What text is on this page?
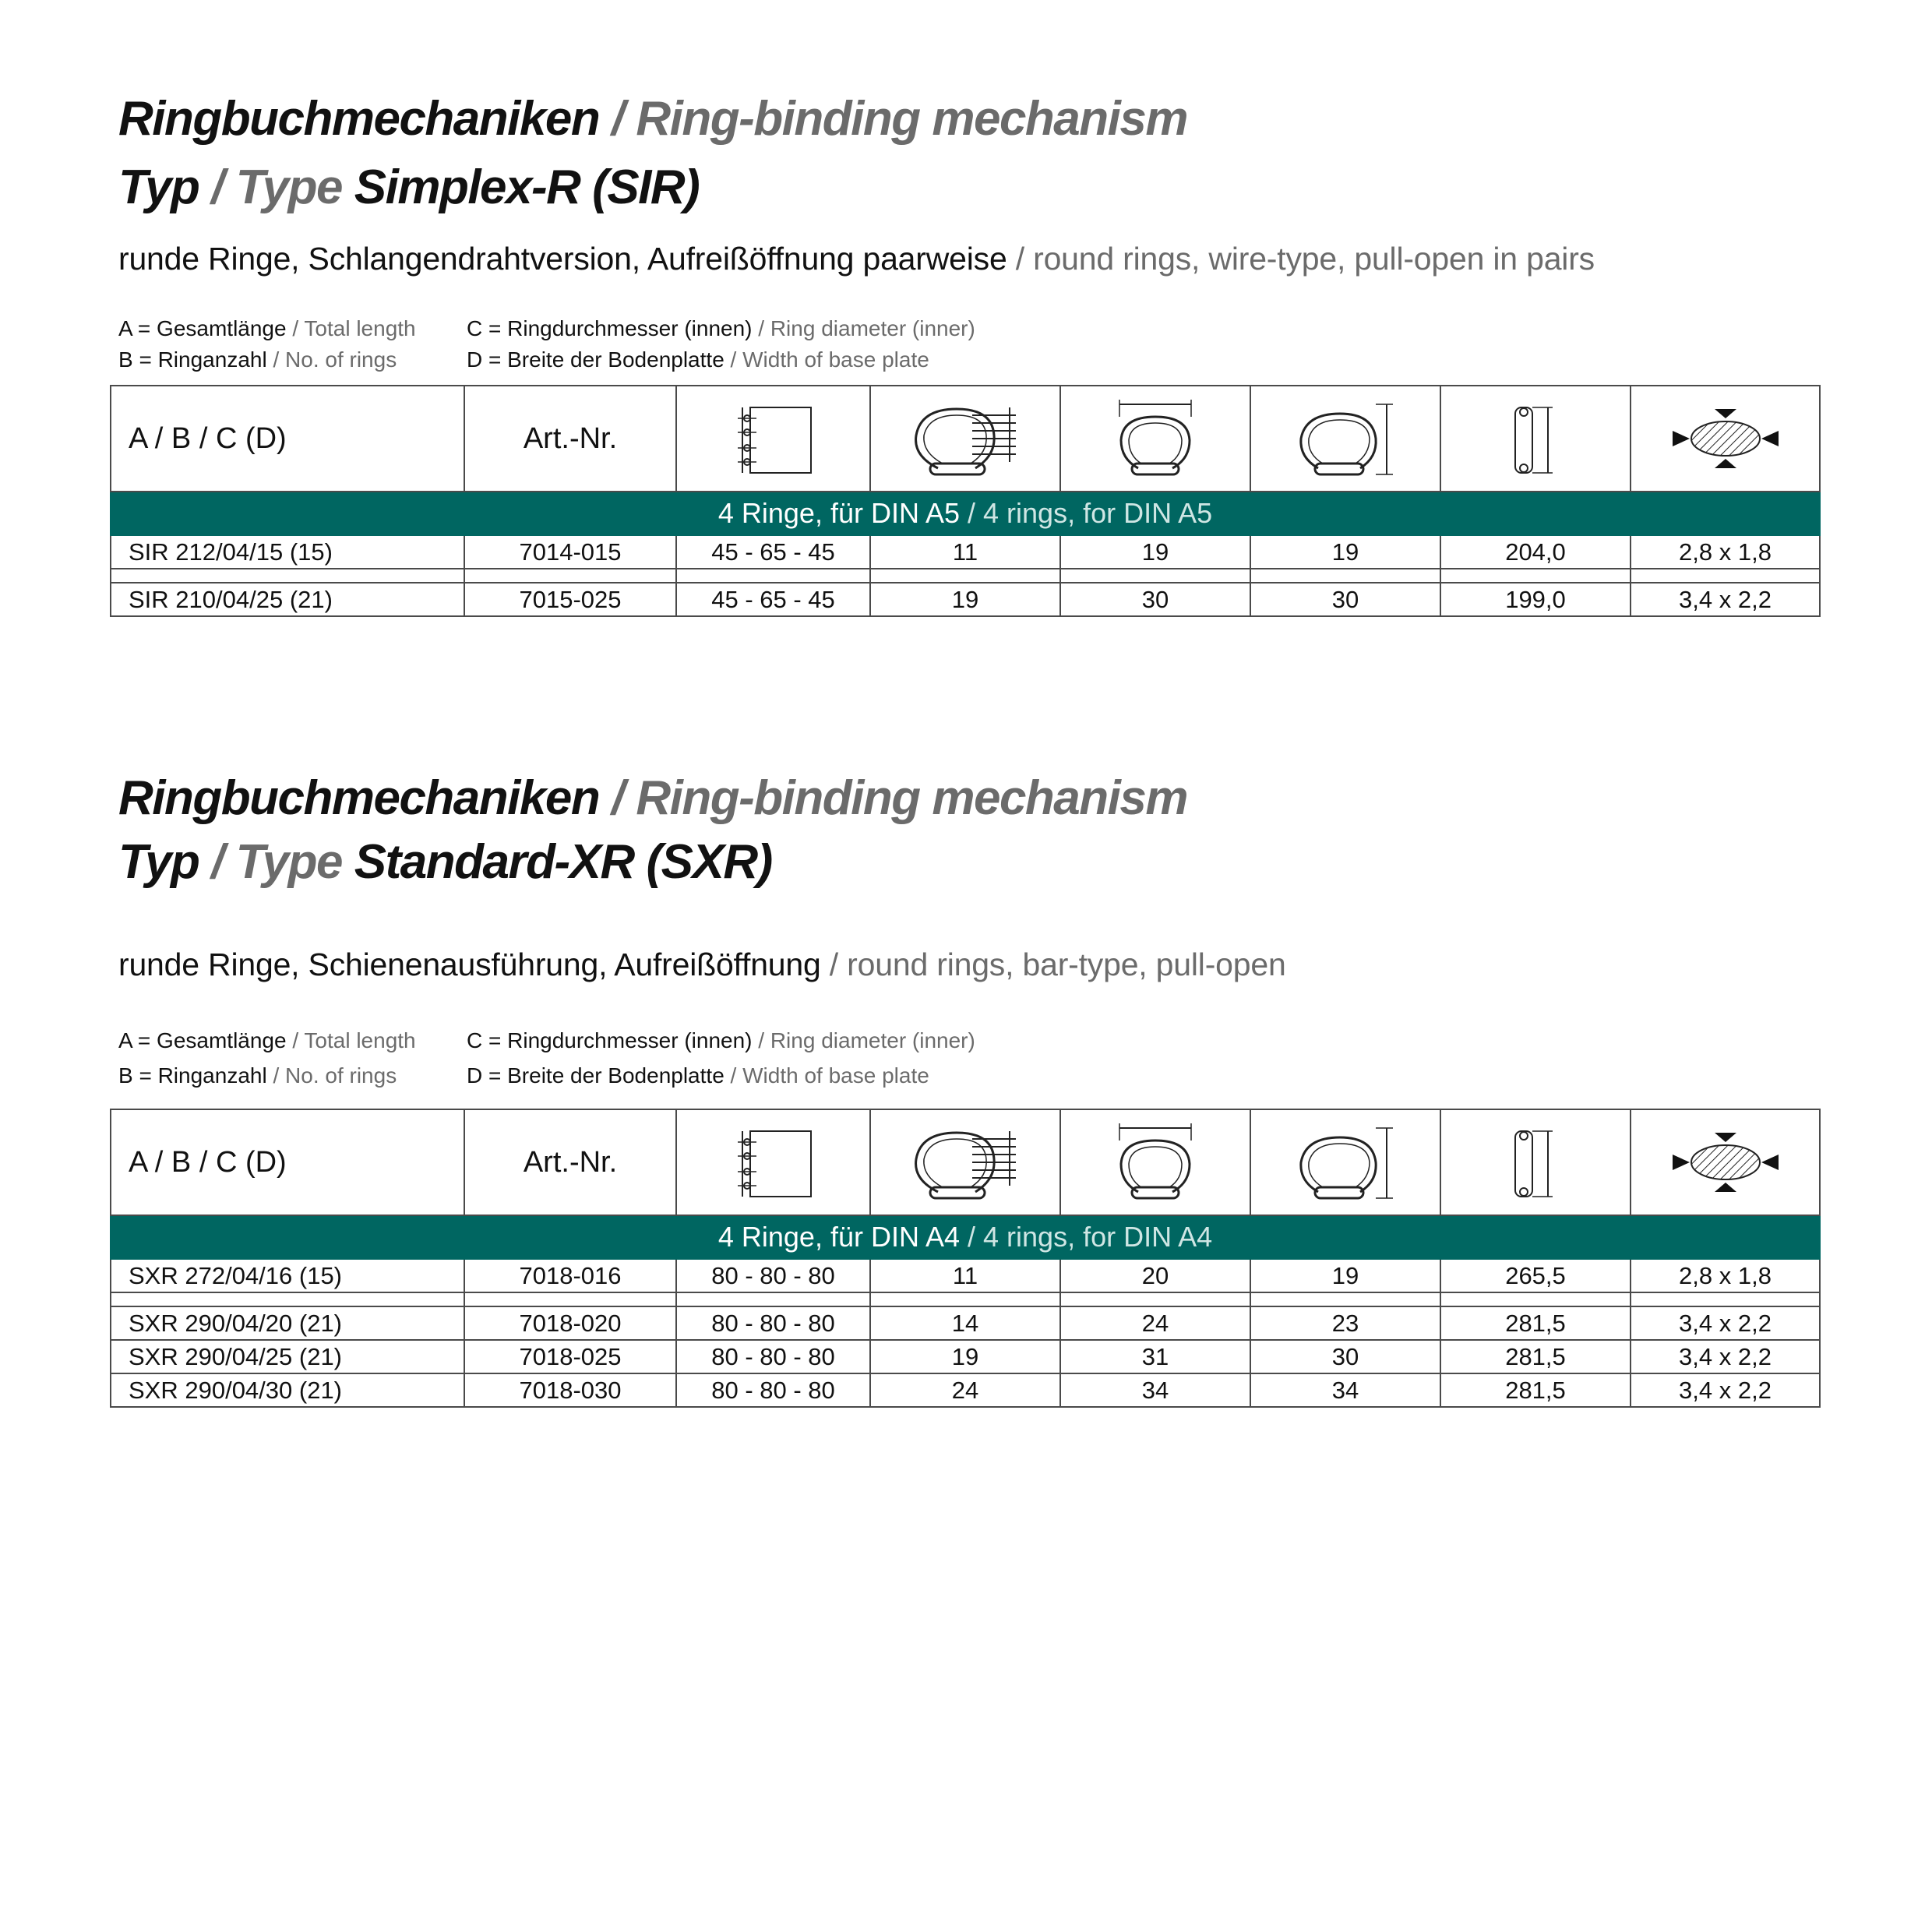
Ringbuchmechaniken / Ring-binding mechanism
Typ / Type Simplex-R (SIR)

runde Ringe, Schlangendrahtversion, Aufreißöffnung paarweise / round rings, wire-type, pull-open in pairs

A = Gesamtlänge / Total length
B = Ringanzahl / No. of rings
C = Ringdurchmesser (innen) / Ring diameter (inner)
D = Breite der Bodenplatte / Width of base plate
A / B / C (D)	Art.-Nr.	

4 Ringe, für DIN A5 / 4 rings, for DIN A5							
SIR 212/04/15 (15)	7014-015	45 - 65 - 45	11	19	19	204,0	2,8 x 1,8

SIR 210/04/25 (21)	7015-025	45 - 65 - 45	19	30	30	199,0	3,4 x 2,2
Ringbuchmechaniken / Ring-binding mechanism
Typ / Type Standard-XR (SXR)

runde Ringe, Schienenausführung, Aufreißöffnung / round rings, bar-type, pull-open

A = Gesamtlänge / Total length
B = Ringanzahl / No. of rings
C = Ringdurchmesser (innen) / Ring diameter (inner)
D = Breite der Bodenplatte / Width of base plate
A / B / C (D)	Art.-Nr.	

4 Ringe, für DIN A4 / 4 rings, for DIN A4							
SXR 272/04/16 (15)	7018-016	80 - 80 - 80	11	20	19	265,5	2,8 x 1,8

SXR 290/04/20 (21)	7018-020	80 - 80 - 80	14	24	23	281,5	3,4 x 2,2
SXR 290/04/25 (21)	7018-025	80 - 80 - 80	19	31	30	281,5	3,4 x 2,2
SXR 290/04/30 (21)	7018-030	80 - 80 - 80	24	34	34	281,5	3,4 x 2,2
